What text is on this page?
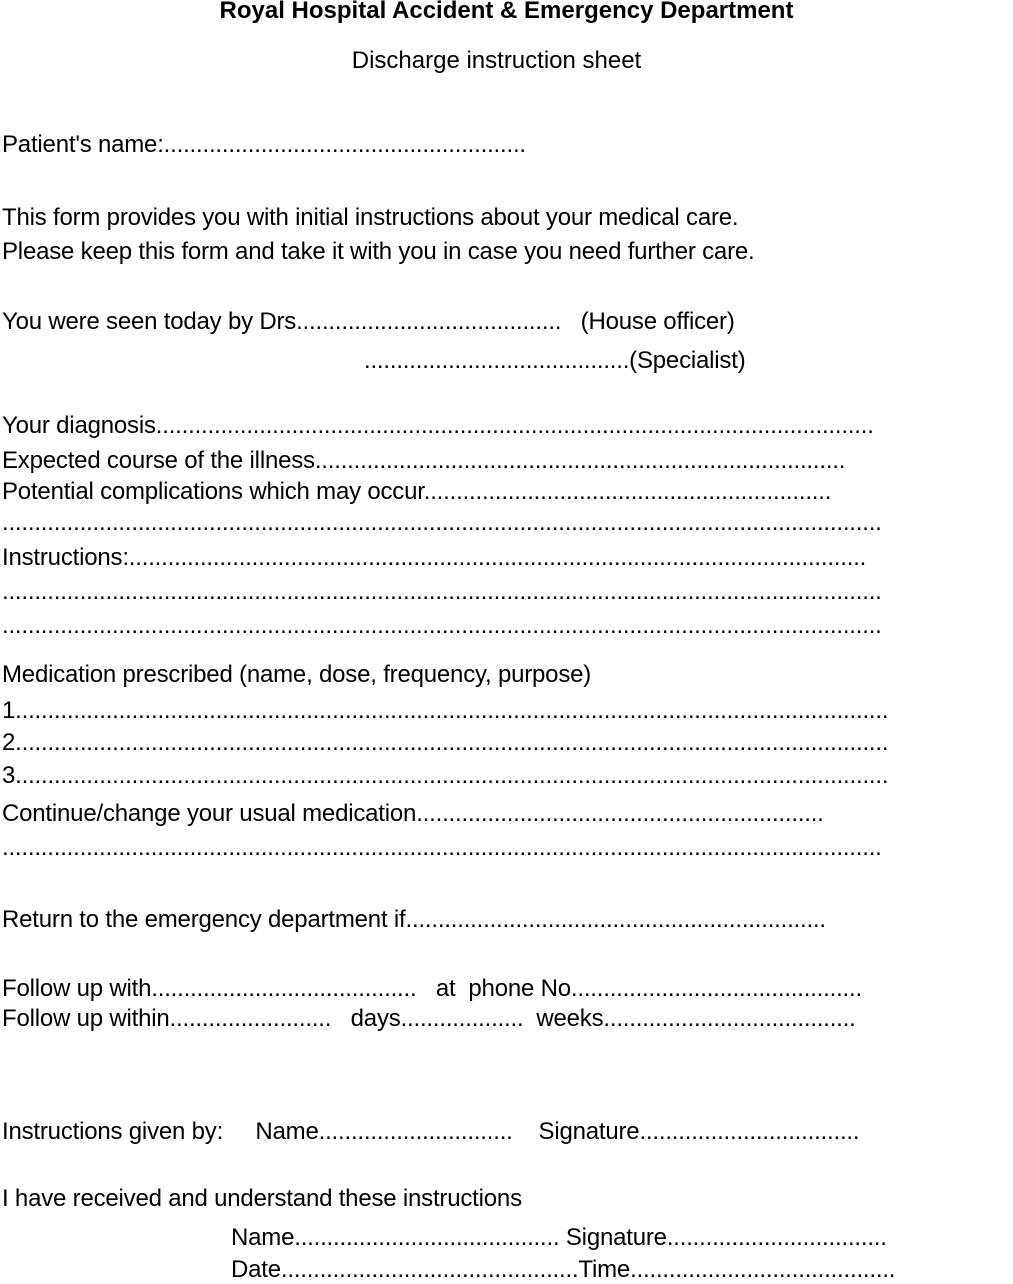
Royal Hospital Accident & Emergency Department
Discharge instruction sheet
Patient's name:........................................................
This form provides you with initial instructions about your medical care.
Please keep this form and take it with you in case you need further care.
You were seen today by Drs.........................................   (House officer)
.........................................(Specialist)
Your diagnosis...............................................................................................................
Expected course of the illness..................................................................................
Potential complications which may occur...............................................................
........................................................................................................................................
Instructions:..................................................................................................................
........................................................................................................................................
........................................................................................................................................
Medication prescribed (name, dose, frequency, purpose)
1.......................................................................................................................................
2.......................................................................................................................................
3.......................................................................................................................................
Continue/change your usual medication...............................................................
........................................................................................................................................
Return to the emergency department if.................................................................
Follow up with.........................................   at  phone No.............................................
Follow up within.........................   days...................  weeks.......................................
Instructions given by:     Name..............................    Signature..................................
I have received and understand these instructions
Name......................................... Signature..................................
Date..............................................Time.........................................
